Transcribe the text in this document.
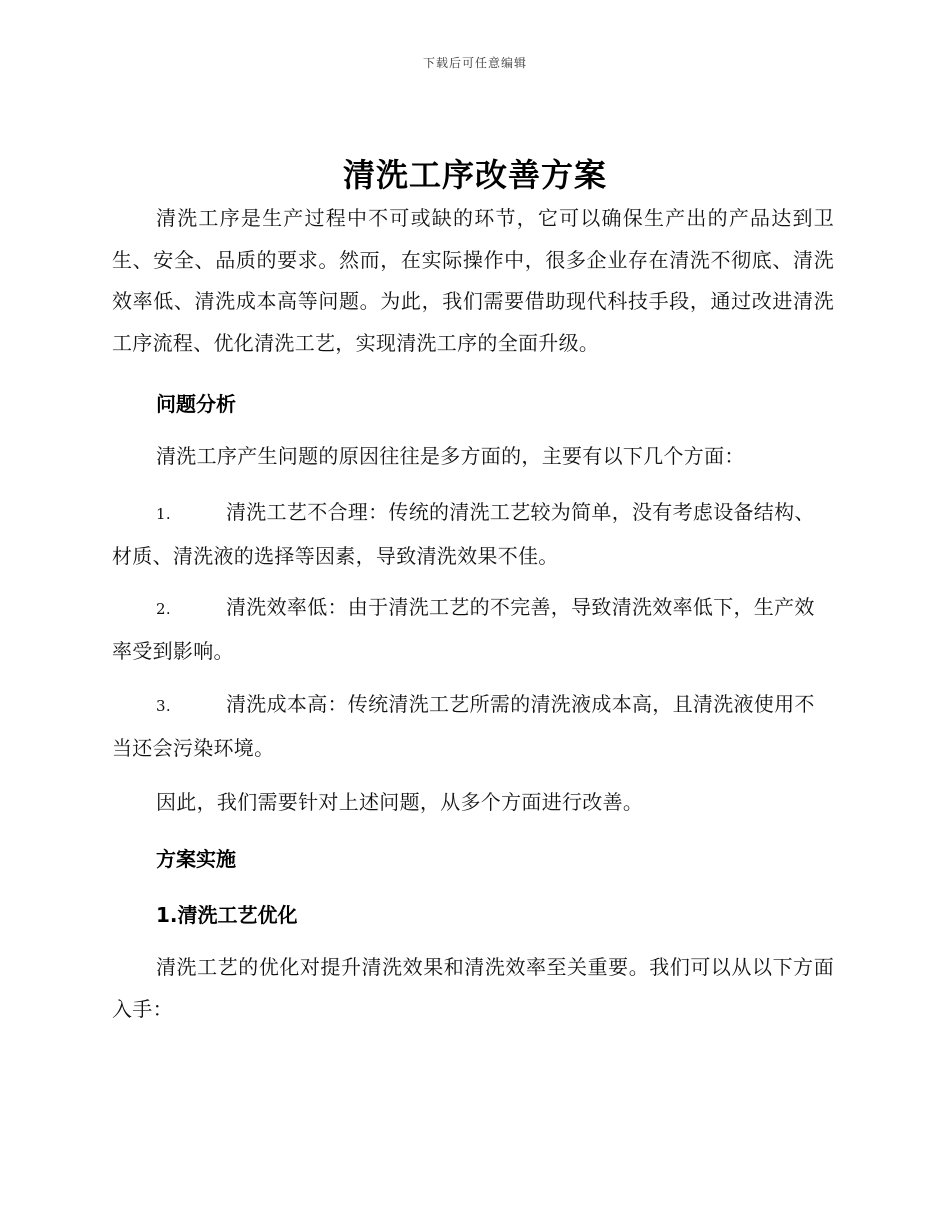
下载后可任意编辑
清洗工序改善方案

清洗工序是生产过程中不可或缺的环节，它可以确保生产出的产品达到卫生、安全、品质的要求。然而，在实际操作中，很多企业存在清洗不彻底、清洗效率低、清洗成本高等问题。为此，我们需要借助现代科技手段，通过改进清洗工序流程、优化清洗工艺，实现清洗工序的全面升级。

问题分析

清洗工序产生问题的原因往往是多方面的，主要有以下几个方面：

1.	清洗工艺不合理：传统的清洗工艺较为简单，没有考虑设备结构、材质、清洗液的选择等因素，导致清洗效果不佳。

2.	清洗效率低：由于清洗工艺的不完善，导致清洗效率低下，生产效率受到影响。

3.	清洗成本高：传统清洗工艺所需的清洗液成本高，且清洗液使用不当还会污染环境。

因此，我们需要针对上述问题，从多个方面进行改善。

方案实施
1.清洗工艺优化

清洗工艺的优化对提升清洗效果和清洗效率至关重要。我们可以从以下方面入手：
